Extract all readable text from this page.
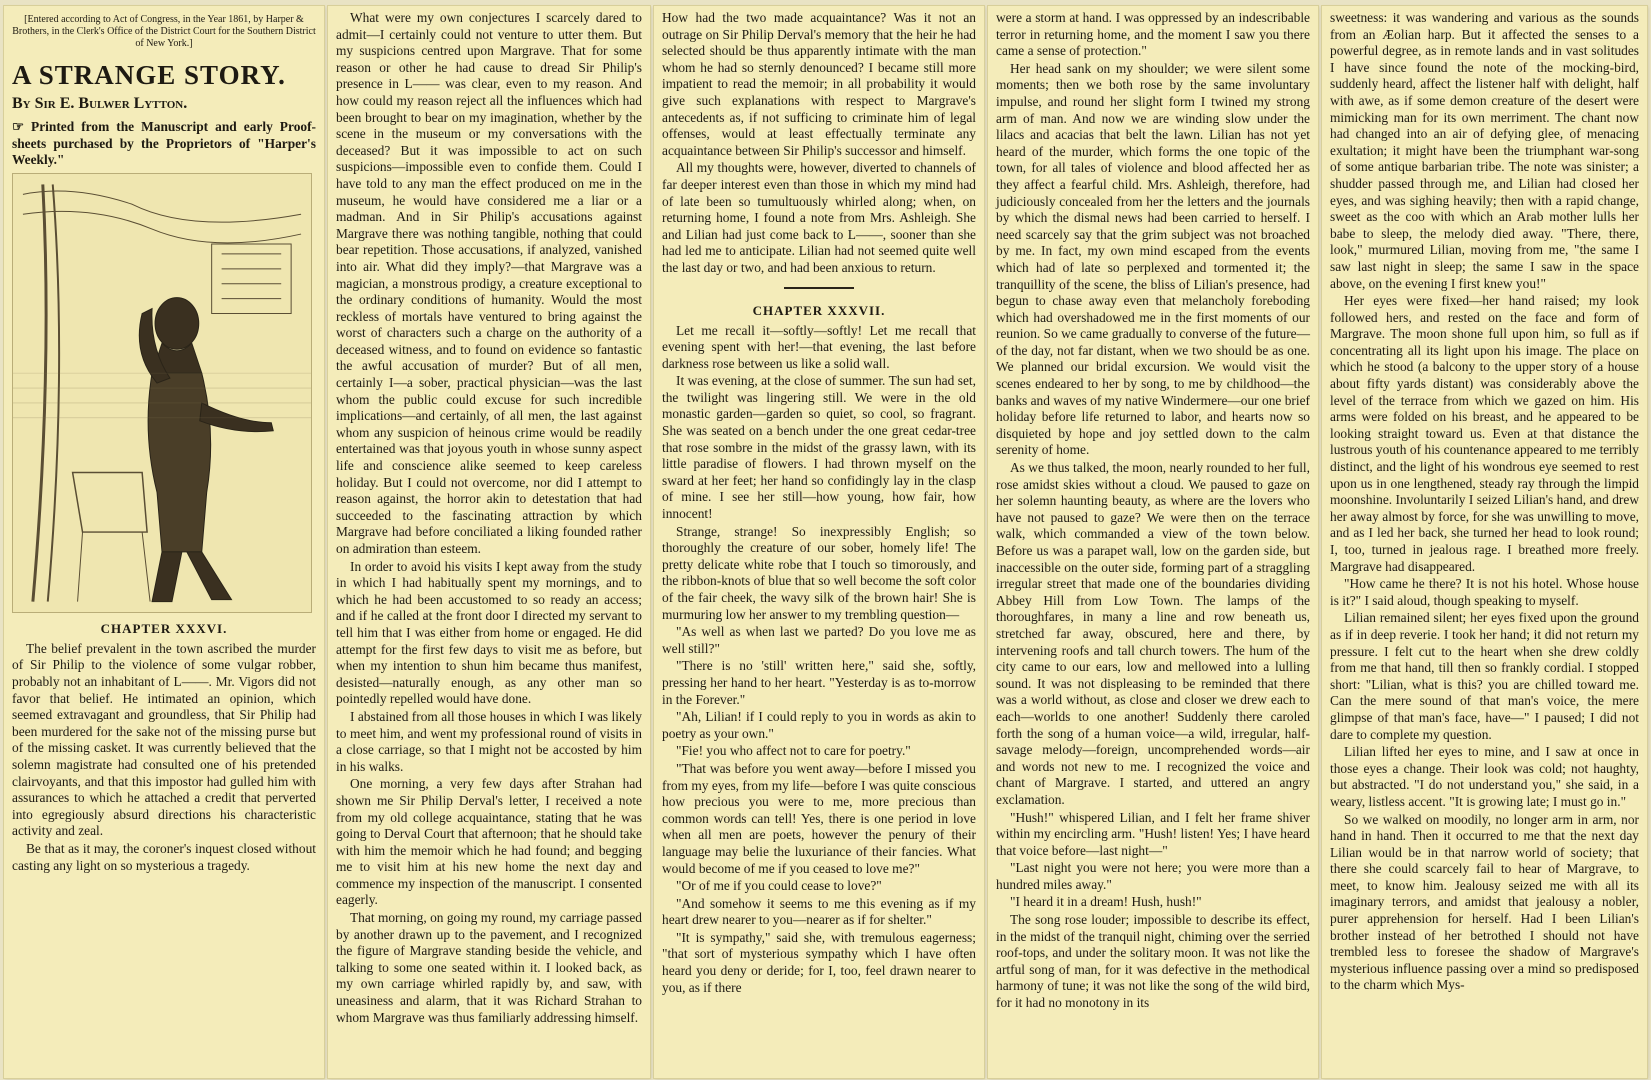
[Entered according to Act of Congress, in the Year 1861, by Harper & Brothers, in the Clerk's Office of the District Court for the Southern District of New York.]
A STRANGE STORY.
By Sir E. Bulwer Lytton.

☞ Printed from the Manuscript and early Proof-sheets purchased by the Proprietors of "Harper's Weekly."

CHAPTER XXXVI.

The belief prevalent in the town ascribed the murder of Sir Philip to the violence of some vulgar robber, probably not an inhabitant of L——. Mr. Vigors did not favor that belief. He intimated an opinion, which seemed extravagant and groundless, that Sir Philip had been murdered for the sake not of the missing purse but of the missing casket. It was currently believed that the solemn magistrate had consulted one of his pretended clairvoyants, and that this impostor had gulled him with assurances to which he attached a credit that perverted into egregiously absurd directions his characteristic activity and zeal.

Be that as it may, the coroner's inquest closed without casting any light on so mysterious a tragedy.

What were my own conjectures I scarcely dared to admit—I certainly could not venture to utter them. But my suspicions centred upon Margrave. That for some reason or other he had cause to dread Sir Philip's presence in L—— was clear, even to my reason. And how could my reason reject all the influences which had been brought to bear on my imagination, whether by the scene in the museum or my conversations with the deceased? But it was impossible to act on such suspicions—impossible even to confide them. Could I have told to any man the effect produced on me in the museum, he would have considered me a liar or a madman. And in Sir Philip's accusations against Margrave there was nothing tangible, nothing that could bear repetition. Those accusations, if analyzed, vanished into air. What did they imply?—that Margrave was a magician, a monstrous prodigy, a creature exceptional to the ordinary conditions of humanity. Would the most reckless of mortals have ventured to bring against the worst of characters such a charge on the authority of a deceased witness, and to found on evidence so fantastic the awful accusation of murder? But of all men, certainly I—a sober, practical physician—was the last whom the public could excuse for such incredible implications—and certainly, of all men, the last against whom any suspicion of heinous crime would be readily entertained was that joyous youth in whose sunny aspect life and conscience alike seemed to keep careless holiday. But I could not overcome, nor did I attempt to reason against, the horror akin to detestation that had succeeded to the fascinating attraction by which Margrave had before conciliated a liking founded rather on admiration than esteem.

In order to avoid his visits I kept away from the study in which I had habitually spent my mornings, and to which he had been accustomed to so ready an access; and if he called at the front door I directed my servant to tell him that I was either from home or engaged. He did attempt for the first few days to visit me as before, but when my intention to shun him became thus manifest, desisted—naturally enough, as any other man so pointedly repelled would have done.

I abstained from all those houses in which I was likely to meet him, and went my professional round of visits in a close carriage, so that I might not be accosted by him in his walks.

One morning, a very few days after Strahan had shown me Sir Philip Derval's letter, I received a note from my old college acquaintance, stating that he was going to Derval Court that afternoon; that he should take with him the memoir which he had found; and begging me to visit him at his new home the next day and commence my inspection of the manuscript. I consented eagerly.

That morning, on going my round, my carriage passed by another drawn up to the pavement, and I recognized the figure of Margrave standing beside the vehicle, and talking to some one seated within it. I looked back, as my own carriage whirled rapidly by, and saw, with uneasiness and alarm, that it was Richard Strahan to whom Margrave was thus familiarly addressing himself.

How had the two made acquaintance? Was it not an outrage on Sir Philip Derval's memory that the heir he had selected should be thus apparently intimate with the man whom he had so sternly denounced? I became still more impatient to read the memoir; in all probability it would give such explanations with respect to Margrave's antecedents as, if not sufficing to criminate him of legal offenses, would at least effectually terminate any acquaintance between Sir Philip's successor and himself.

All my thoughts were, however, diverted to channels of far deeper interest even than those in which my mind had of late been so tumultuously whirled along; when, on returning home, I found a note from Mrs. Ashleigh. She and Lilian had just come back to L——, sooner than she had led me to anticipate. Lilian had not seemed quite well the last day or two, and had been anxious to return.

CHAPTER XXXVII.

Let me recall it—softly—softly! Let me recall that evening spent with her!—that evening, the last before darkness rose between us like a solid wall.

It was evening, at the close of summer. The sun had set, the twilight was lingering still. We were in the old monastic garden—garden so quiet, so cool, so fragrant. She was seated on a bench under the one great cedar-tree that rose sombre in the midst of the grassy lawn, with its little paradise of flowers. I had thrown myself on the sward at her feet; her hand so confidingly lay in the clasp of mine. I see her still—how young, how fair, how innocent!

Strange, strange! So inexpressibly English; so thoroughly the creature of our sober, homely life! The pretty delicate white robe that I touch so timorously, and the ribbon-knots of blue that so well become the soft color of the fair cheek, the wavy silk of the brown hair! She is murmuring low her answer to my trembling question—

"As well as when last we parted? Do you love me as well still?"

"There is no 'still' written here," said she, softly, pressing her hand to her heart. "Yesterday is as to-morrow in the Forever."

"Ah, Lilian! if I could reply to you in words as akin to poetry as your own."

"Fie! you who affect not to care for poetry."

"That was before you went away—before I missed you from my eyes, from my life—before I was quite conscious how precious you were to me, more precious than common words can tell! Yes, there is one period in love when all men are poets, however the penury of their language may belie the luxuriance of their fancies. What would become of me if you ceased to love me?"

"Or of me if you could cease to love?"

"And somehow it seems to me this evening as if my heart drew nearer to you—nearer as if for shelter."

"It is sympathy," said she, with tremulous eagerness; "that sort of mysterious sympathy which I have often heard you deny or deride; for I, too, feel drawn nearer to you, as if there

were a storm at hand. I was oppressed by an indescribable terror in returning home, and the moment I saw you there came a sense of protection."

Her head sank on my shoulder; we were silent some moments; then we both rose by the same involuntary impulse, and round her slight form I twined my strong arm of man. And now we are winding slow under the lilacs and acacias that belt the lawn. Lilian has not yet heard of the murder, which forms the one topic of the town, for all tales of violence and blood affected her as they affect a fearful child. Mrs. Ashleigh, therefore, had judiciously concealed from her the letters and the journals by which the dismal news had been carried to herself. I need scarcely say that the grim subject was not broached by me. In fact, my own mind escaped from the events which had of late so perplexed and tormented it; the tranquillity of the scene, the bliss of Lilian's presence, had begun to chase away even that melancholy foreboding which had overshadowed me in the first moments of our reunion. So we came gradually to converse of the future—of the day, not far distant, when we two should be as one. We planned our bridal excursion. We would visit the scenes endeared to her by song, to me by childhood—the banks and waves of my native Windermere—our one brief holiday before life returned to labor, and hearts now so disquieted by hope and joy settled down to the calm serenity of home.

As we thus talked, the moon, nearly rounded to her full, rose amidst skies without a cloud. We paused to gaze on her solemn haunting beauty, as where are the lovers who have not paused to gaze? We were then on the terrace walk, which commanded a view of the town below. Before us was a parapet wall, low on the garden side, but inaccessible on the outer side, forming part of a straggling irregular street that made one of the boundaries dividing Abbey Hill from Low Town. The lamps of the thoroughfares, in many a line and row beneath us, stretched far away, obscured, here and there, by intervening roofs and tall church towers. The hum of the city came to our ears, low and mellowed into a lulling sound. It was not displeasing to be reminded that there was a world without, as close and closer we drew each to each—worlds to one another! Suddenly there caroled forth the song of a human voice—a wild, irregular, half-savage melody—foreign, uncomprehended words—air and words not new to me. I recognized the voice and chant of Margrave. I started, and uttered an angry exclamation.

"Hush!" whispered Lilian, and I felt her frame shiver within my encircling arm. "Hush! listen! Yes; I have heard that voice before—last night—"

"Last night you were not here; you were more than a hundred miles away."

"I heard it in a dream! Hush, hush!"

The song rose louder; impossible to describe its effect, in the midst of the tranquil night, chiming over the serried roof-tops, and under the solitary moon. It was not like the artful song of man, for it was defective in the methodical harmony of tune; it was not like the song of the wild bird, for it had no monotony in its

sweetness: it was wandering and various as the sounds from an Æolian harp. But it affected the senses to a powerful degree, as in remote lands and in vast solitudes I have since found the note of the mocking-bird, suddenly heard, affect the listener half with delight, half with awe, as if some demon creature of the desert were mimicking man for its own merriment. The chant now had changed into an air of defying glee, of menacing exultation; it might have been the triumphant war-song of some antique barbarian tribe. The note was sinister; a shudder passed through me, and Lilian had closed her eyes, and was sighing heavily; then with a rapid change, sweet as the coo with which an Arab mother lulls her babe to sleep, the melody died away. "There, there, look," murmured Lilian, moving from me, "the same I saw last night in sleep; the same I saw in the space above, on the evening I first knew you!"

Her eyes were fixed—her hand raised; my look followed hers, and rested on the face and form of Margrave. The moon shone full upon him, so full as if concentrating all its light upon his image. The place on which he stood (a balcony to the upper story of a house about fifty yards distant) was considerably above the level of the terrace from which we gazed on him. His arms were folded on his breast, and he appeared to be looking straight toward us. Even at that distance the lustrous youth of his countenance appeared to me terribly distinct, and the light of his wondrous eye seemed to rest upon us in one lengthened, steady ray through the limpid moonshine. Involuntarily I seized Lilian's hand, and drew her away almost by force, for she was unwilling to move, and as I led her back, she turned her head to look round; I, too, turned in jealous rage. I breathed more freely. Margrave had disappeared.

"How came he there? It is not his hotel. Whose house is it?" I said aloud, though speaking to myself.

Lilian remained silent; her eyes fixed upon the ground as if in deep reverie. I took her hand; it did not return my pressure. I felt cut to the heart when she drew coldly from me that hand, till then so frankly cordial. I stopped short: "Lilian, what is this? you are chilled toward me. Can the mere sound of that man's voice, the mere glimpse of that man's face, have—" I paused; I did not dare to complete my question.

Lilian lifted her eyes to mine, and I saw at once in those eyes a change. Their look was cold; not haughty, but abstracted. "I do not understand you," she said, in a weary, listless accent. "It is growing late; I must go in."

So we walked on moodily, no longer arm in arm, nor hand in hand. Then it occurred to me that the next day Lilian would be in that narrow world of society; that there she could scarcely fail to hear of Margrave, to meet, to know him. Jealousy seized me with all its imaginary terrors, and amidst that jealousy a nobler, purer apprehension for herself. Had I been Lilian's brother instead of her betrothed I should not have trembled less to foresee the shadow of Margrave's mysterious influence passing over a mind so predisposed to the charm which Mys-
